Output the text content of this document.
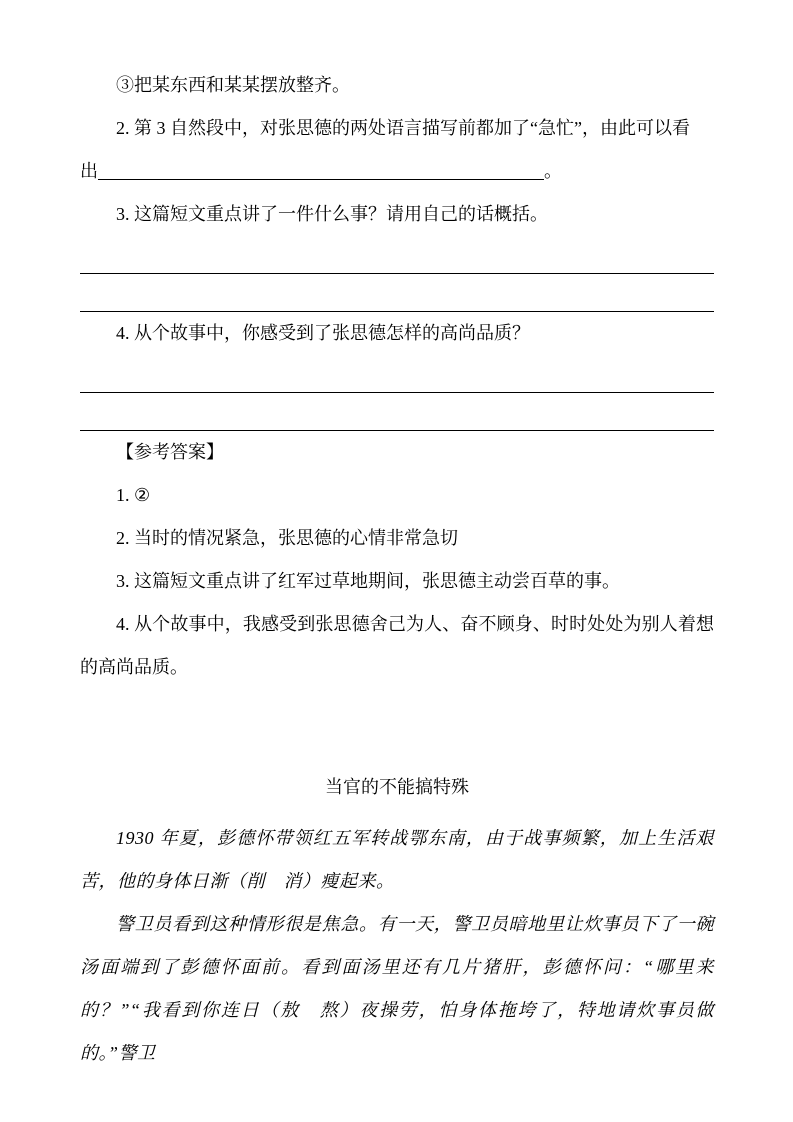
③把某东西和某某摆放整齐。

2. 第 3 自然段中，对张思德的两处语言描写前都加了“急忙”，由此可以看

出	。

3. 这篇短文重点讲了一件什么事？请用自己的话概括。

4. 从个故事中，你感受到了张思德怎样的高尚品质？

【参考答案】

1. ②

2. 当时的情况紧急，张思德的心情非常急切

3. 这篇短文重点讲了红军过草地期间，张思德主动尝百草的事。

4. 从个故事中，我感受到张思德舍己为人、奋不顾身、时时处处为别人着想的高尚品质。

当官的不能搞特殊

1930 年夏，彭德怀带领红五军转战鄂东南，由于战事频繁，加上生活艰苦，他的身体日渐（削　消）瘦起来。

警卫员看到这种情形很是焦急。有一天，警卫员暗地里让炊事员下了一碗汤面端到了彭德怀面前。看到面汤里还有几片猪肝，彭德怀问：“哪里来的？”“我看到你连日（敖　熬）夜操劳，怕身体拖垮了，特地请炊事员做的。”警卫
